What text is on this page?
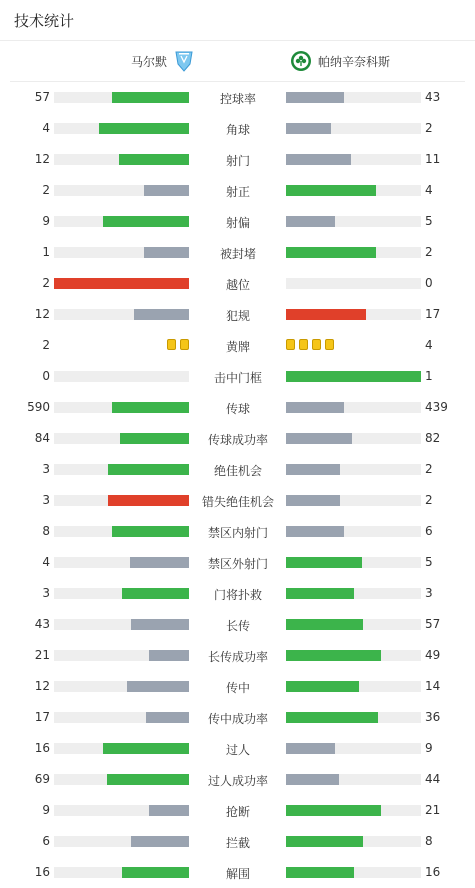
技术统计
马尔默	帕纳辛奈科斯
57	控球率	43
4	角球	2
12	射门	11
2	射正	4
9	射偏	5
1	被封堵	2
2	越位	0
12	犯规	17
2	黄牌	4
0	击中门框	1
590	传球	439
84	传球成功率	82
3	绝佳机会	2
3	错失绝佳机会	2
8	禁区内射门	6
4	禁区外射门	5
3	门将扑救	3
43	长传	57
21	长传成功率	49
12	传中	14
17	传中成功率	36
16	过人	9
69	过人成功率	44
9	抢断	21
6	拦截	8
16	解围	16
